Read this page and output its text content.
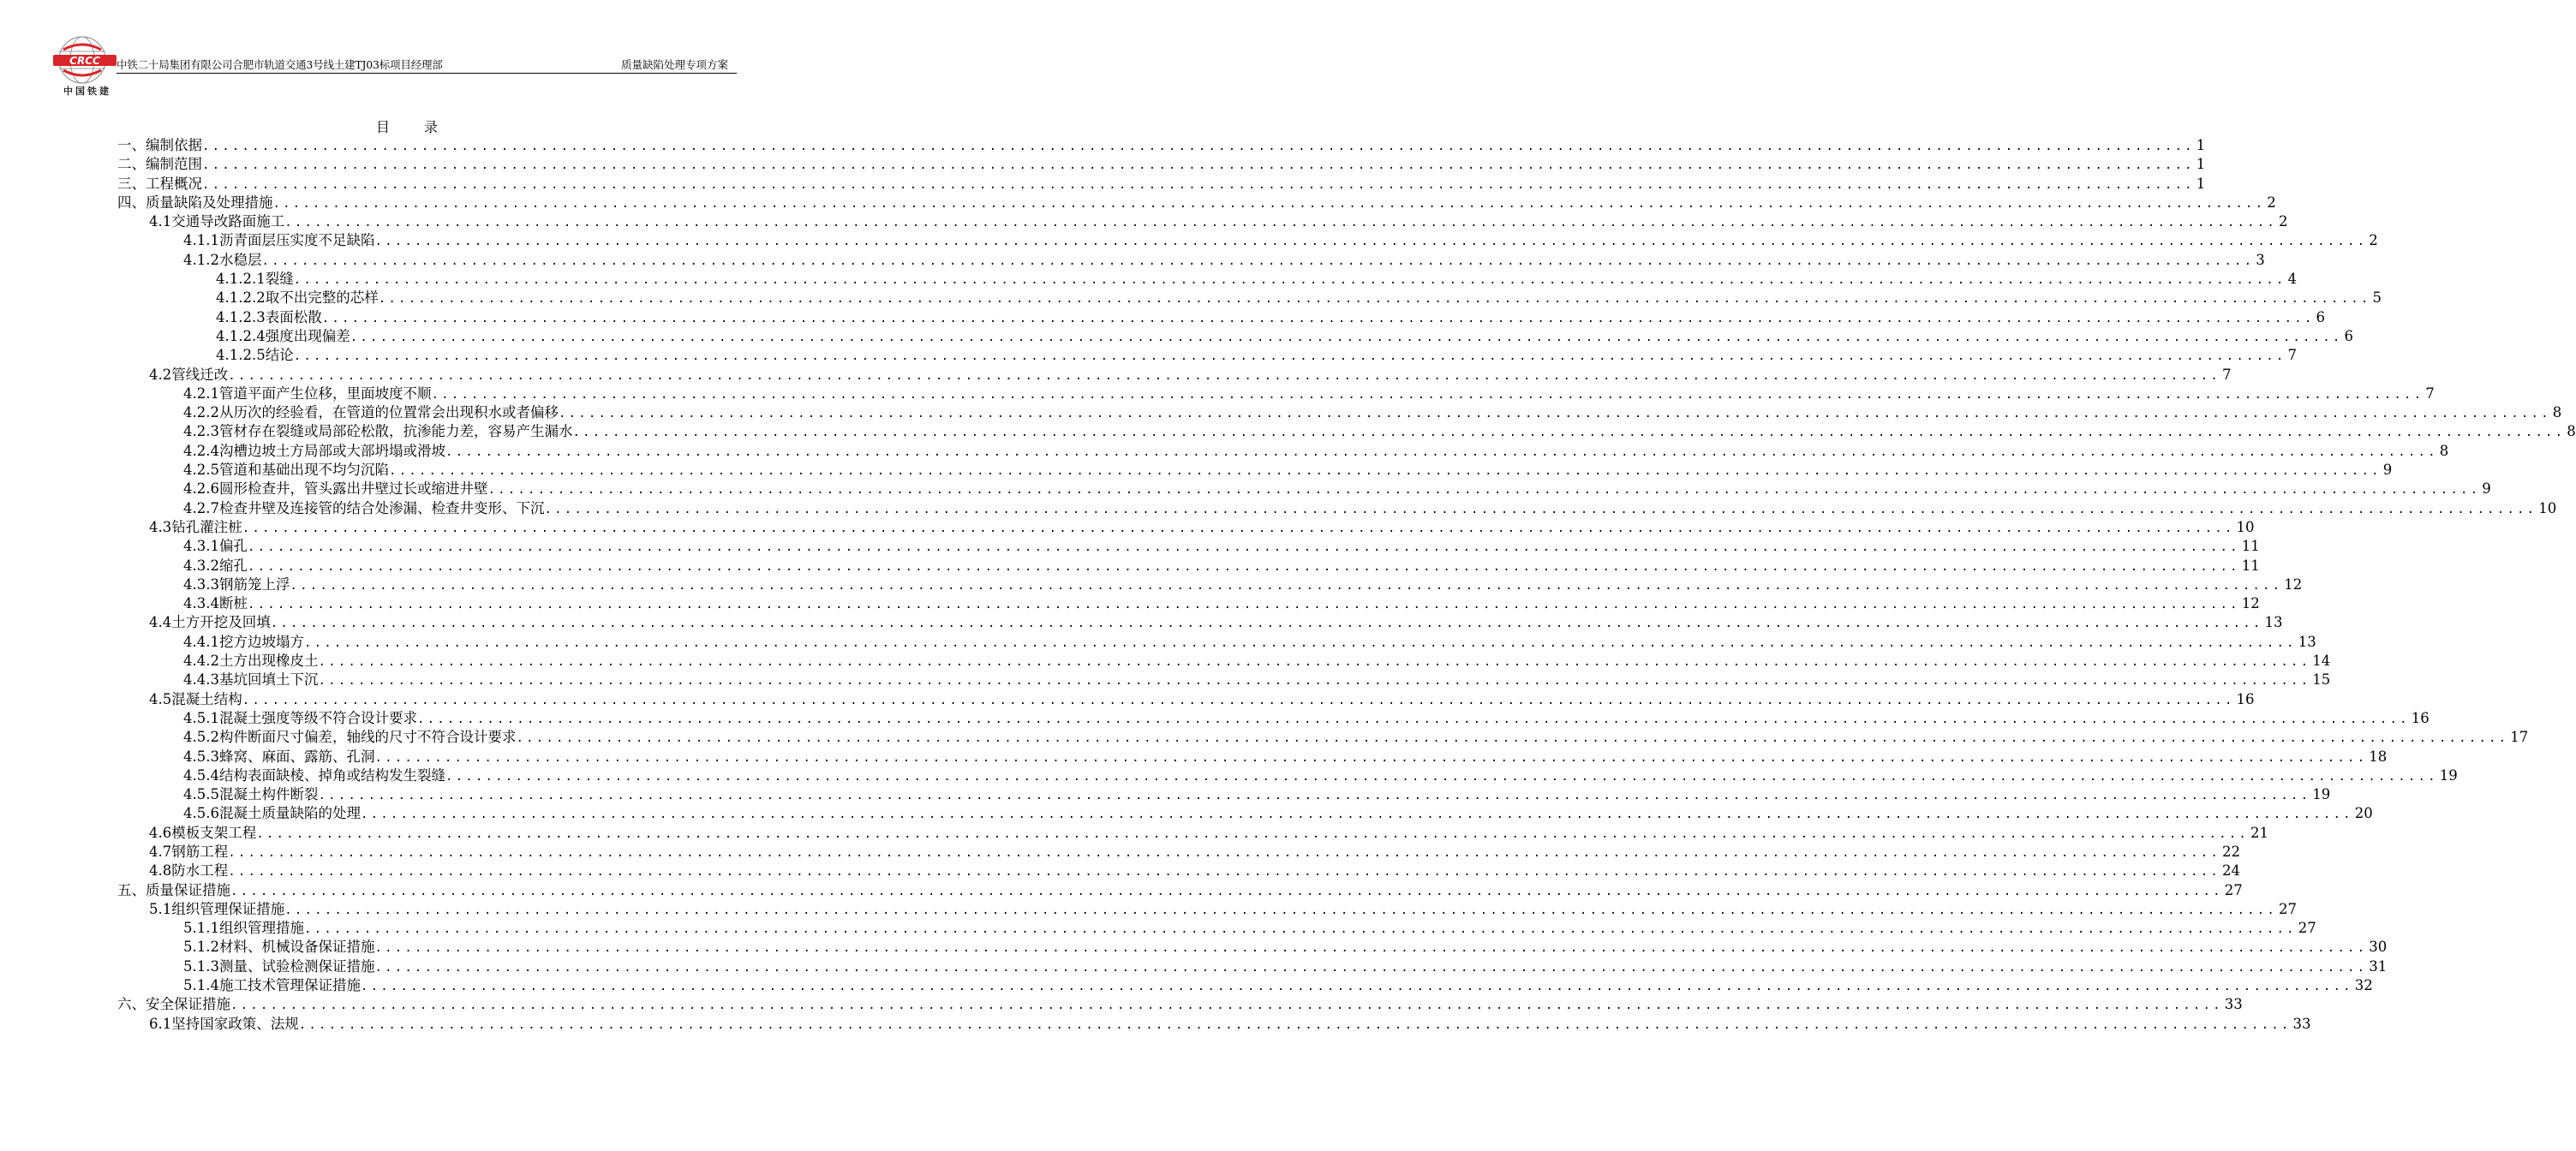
CRCC
中国铁建
中铁二十局集团有限公司合肥市轨道交通3号线土建TJ03标项目经理部	质量缺陷处理专项方案
目录
一、编制依据 ........................................................................................................................................................................................................ 1
二、编制范围 ........................................................................................................................................................................................................ 1
三、工程概况 ........................................................................................................................................................................................................ 1
四、质量缺陷及处理措施 ........................................................................................................................................................................................................ 2
4.1交通导改路面施工 ........................................................................................................................................................................................................ 2
4.1.1沥青面层压实度不足缺陷 ........................................................................................................................................................................................................ 2
4.1.2水稳层 ........................................................................................................................................................................................................ 3
4.1.2.1裂缝 ........................................................................................................................................................................................................ 4
4.1.2.2取不出完整的芯样 ........................................................................................................................................................................................................ 5
4.1.2.3表面松散 ........................................................................................................................................................................................................ 6
4.1.2.4强度出现偏差 ........................................................................................................................................................................................................ 6
4.1.2.5结论 ........................................................................................................................................................................................................ 7
4.2管线迁改 ........................................................................................................................................................................................................ 7
4.2.1管道平面产生位移，里面坡度不顺 ........................................................................................................................................................................................................ 7
4.2.2从历次的经验看，在管道的位置常会出现积水或者偏移 ........................................................................................................................................................................................................ 8
4.2.3管材存在裂缝或局部砼松散，抗渗能力差，容易产生漏水 ........................................................................................................................................................................................................ 8
4.2.4沟槽边坡土方局部或大部坍塌或滑坡 ........................................................................................................................................................................................................ 8
4.2.5管道和基础出现不均匀沉陷 ........................................................................................................................................................................................................ 9
4.2.6圆形检查井，管头露出井壁过长或缩进井壁 ........................................................................................................................................................................................................ 9
4.2.7检查井壁及连接管的结合处渗漏、检查井变形、下沉 ........................................................................................................................................................................................................ 10
4.3钻孔灌注桩 ........................................................................................................................................................................................................ 10
4.3.1偏孔 ........................................................................................................................................................................................................ 11
4.3.2缩孔 ........................................................................................................................................................................................................ 11
4.3.3钢筋笼上浮 ........................................................................................................................................................................................................ 12
4.3.4断桩 ........................................................................................................................................................................................................ 12
4.4土方开挖及回填 ........................................................................................................................................................................................................ 13
4.4.1挖方边坡塌方 ........................................................................................................................................................................................................ 13
4.4.2土方出现橡皮土 ........................................................................................................................................................................................................ 14
4.4.3基坑回填土下沉 ........................................................................................................................................................................................................ 15
4.5混凝土结构 ........................................................................................................................................................................................................ 16
4.5.1混凝土强度等级不符合设计要求 ........................................................................................................................................................................................................ 16
4.5.2构件断面尺寸偏差，轴线的尺寸不符合设计要求 ........................................................................................................................................................................................................ 17
4.5.3蜂窝、麻面、露筋、孔洞 ........................................................................................................................................................................................................ 18
4.5.4结构表面缺棱、掉角或结构发生裂缝 ........................................................................................................................................................................................................ 19
4.5.5混凝土构件断裂 ........................................................................................................................................................................................................ 19
4.5.6混凝土质量缺陷的处理 ........................................................................................................................................................................................................ 20
4.6模板支架工程 ........................................................................................................................................................................................................ 21
4.7钢筋工程 ........................................................................................................................................................................................................ 22
4.8防水工程 ........................................................................................................................................................................................................ 24
五、质量保证措施 ........................................................................................................................................................................................................ 27
5.1组织管理保证措施 ........................................................................................................................................................................................................ 27
5.1.1组织管理措施 ........................................................................................................................................................................................................ 27
5.1.2材料、机械设备保证措施 ........................................................................................................................................................................................................ 30
5.1.3测量、试验检测保证措施 ........................................................................................................................................................................................................ 31
5.1.4施工技术管理保证措施 ........................................................................................................................................................................................................ 32
六、安全保证措施 ........................................................................................................................................................................................................ 33
6.1坚持国家政策、法规 ........................................................................................................................................................................................................ 33
